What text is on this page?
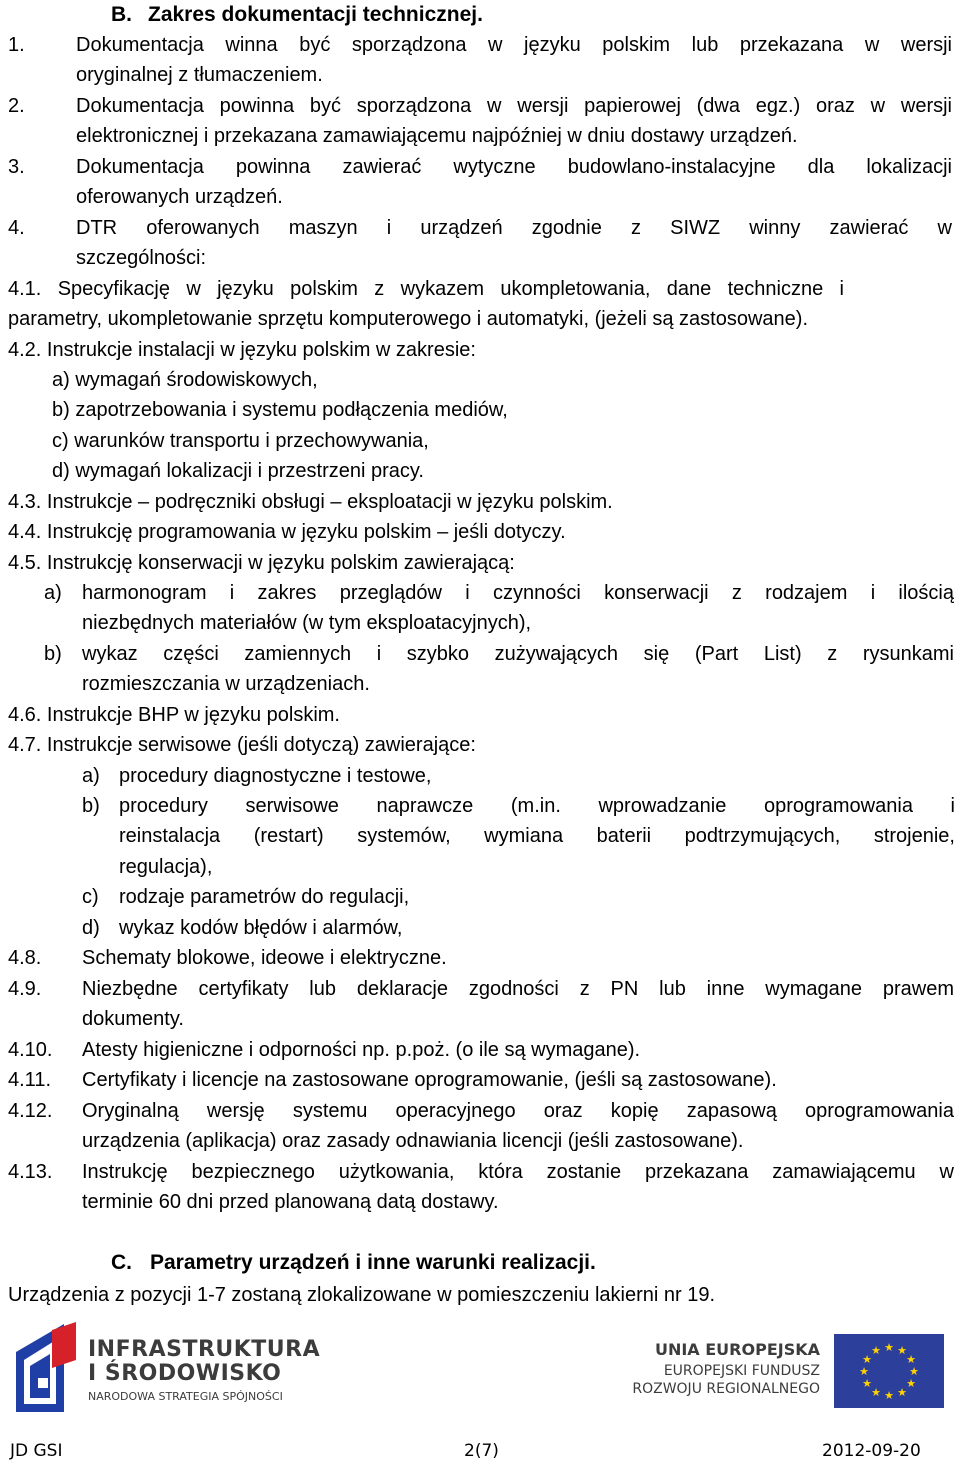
B. Zakres dokumentacji technicznej.
1.	Dokumentacja winna być sporządzona w języku polskim lub przekazana w wersji
oryginalnej z tłumaczeniem.
2.	Dokumentacja powinna być sporządzona w wersji papierowej (dwa egz.) oraz w wersji
elektronicznej i przekazana zamawiającemu najpóźniej w dniu dostawy urządzeń.
3.	Dokumentacja powinna zawierać wytyczne budowlano-instalacyjne dla lokalizacji
oferowanych urządzeń.
4.	DTR oferowanych maszyn i urządzeń zgodnie z SIWZ winny zawierać w
szczególności:
4.1. Specyfikację w języku polskim z wykazem ukompletowania, dane techniczne i
parametry, ukompletowanie sprzętu komputerowego i automatyki, (jeżeli są zastosowane).
4.2. Instrukcje instalacji w języku polskim w zakresie:
a) wymagań środowiskowych,
b) zapotrzebowania i systemu podłączenia mediów,
c) warunków transportu i przechowywania,
d) wymagań lokalizacji i przestrzeni pracy.
4.3. Instrukcje – podręczniki obsługi – eksploatacji w języku polskim.
4.4. Instrukcję programowania w języku polskim – jeśli dotyczy.
4.5. Instrukcję konserwacji w języku polskim zawierającą:
a) harmonogram i zakres przeglądów i czynności konserwacji z rodzajem i ilością
niezbędnych materiałów (w tym eksploatacyjnych),
b) wykaz części zamiennych i szybko zużywających się (Part List) z rysunkami
rozmieszczania w urządzeniach.
4.6. Instrukcje BHP w języku polskim.
4.7. Instrukcje serwisowe (jeśli dotyczą) zawierające:
a) procedury diagnostyczne i testowe,
b) procedury serwisowe naprawcze (m.in. wprowadzanie oprogramowania i
reinstalacja (restart) systemów, wymiana baterii podtrzymujących, strojenie,
regulacja),
c) rodzaje parametrów do regulacji,
d) wykaz kodów błędów i alarmów,
4.8. Schematy blokowe, ideowe i elektryczne.
4.9. Niezbędne certyfikaty lub deklaracje zgodności z PN lub inne wymagane prawem
dokumenty.
4.10. Atesty higieniczne i odporności np. p.poż. (o ile są wymagane).
4.11. Certyfikaty i licencje na zastosowane oprogramowanie, (jeśli są zastosowane).
4.12. Oryginalną wersję systemu operacyjnego oraz kopię zapasową oprogramowania
urządzenia (aplikacja) oraz zasady odnawiania licencji (jeśli zastosowane).
4.13. Instrukcję bezpiecznego użytkowania, która zostanie przekazana zamawiającemu w
terminie 60 dni przed planowaną datą dostawy.
C. Parametry urządzeń i inne warunki realizacji.
Urządzenia z pozycji 1-7 zostaną zlokalizowane w pomieszczeniu lakierni nr 19.
INFRASTRUKTURA
I ŚRODOWISKO
NARODOWA STRATEGIA SPÓJNOŚCI
UNIA EUROPEJSKA
EUROPEJSKI FUNDUSZ
ROZWOJU REGIONALNEGO
★ ★
★
★
★
★
★
★
★
★
★
★
JD GSI	2(7)	2012-09-20
